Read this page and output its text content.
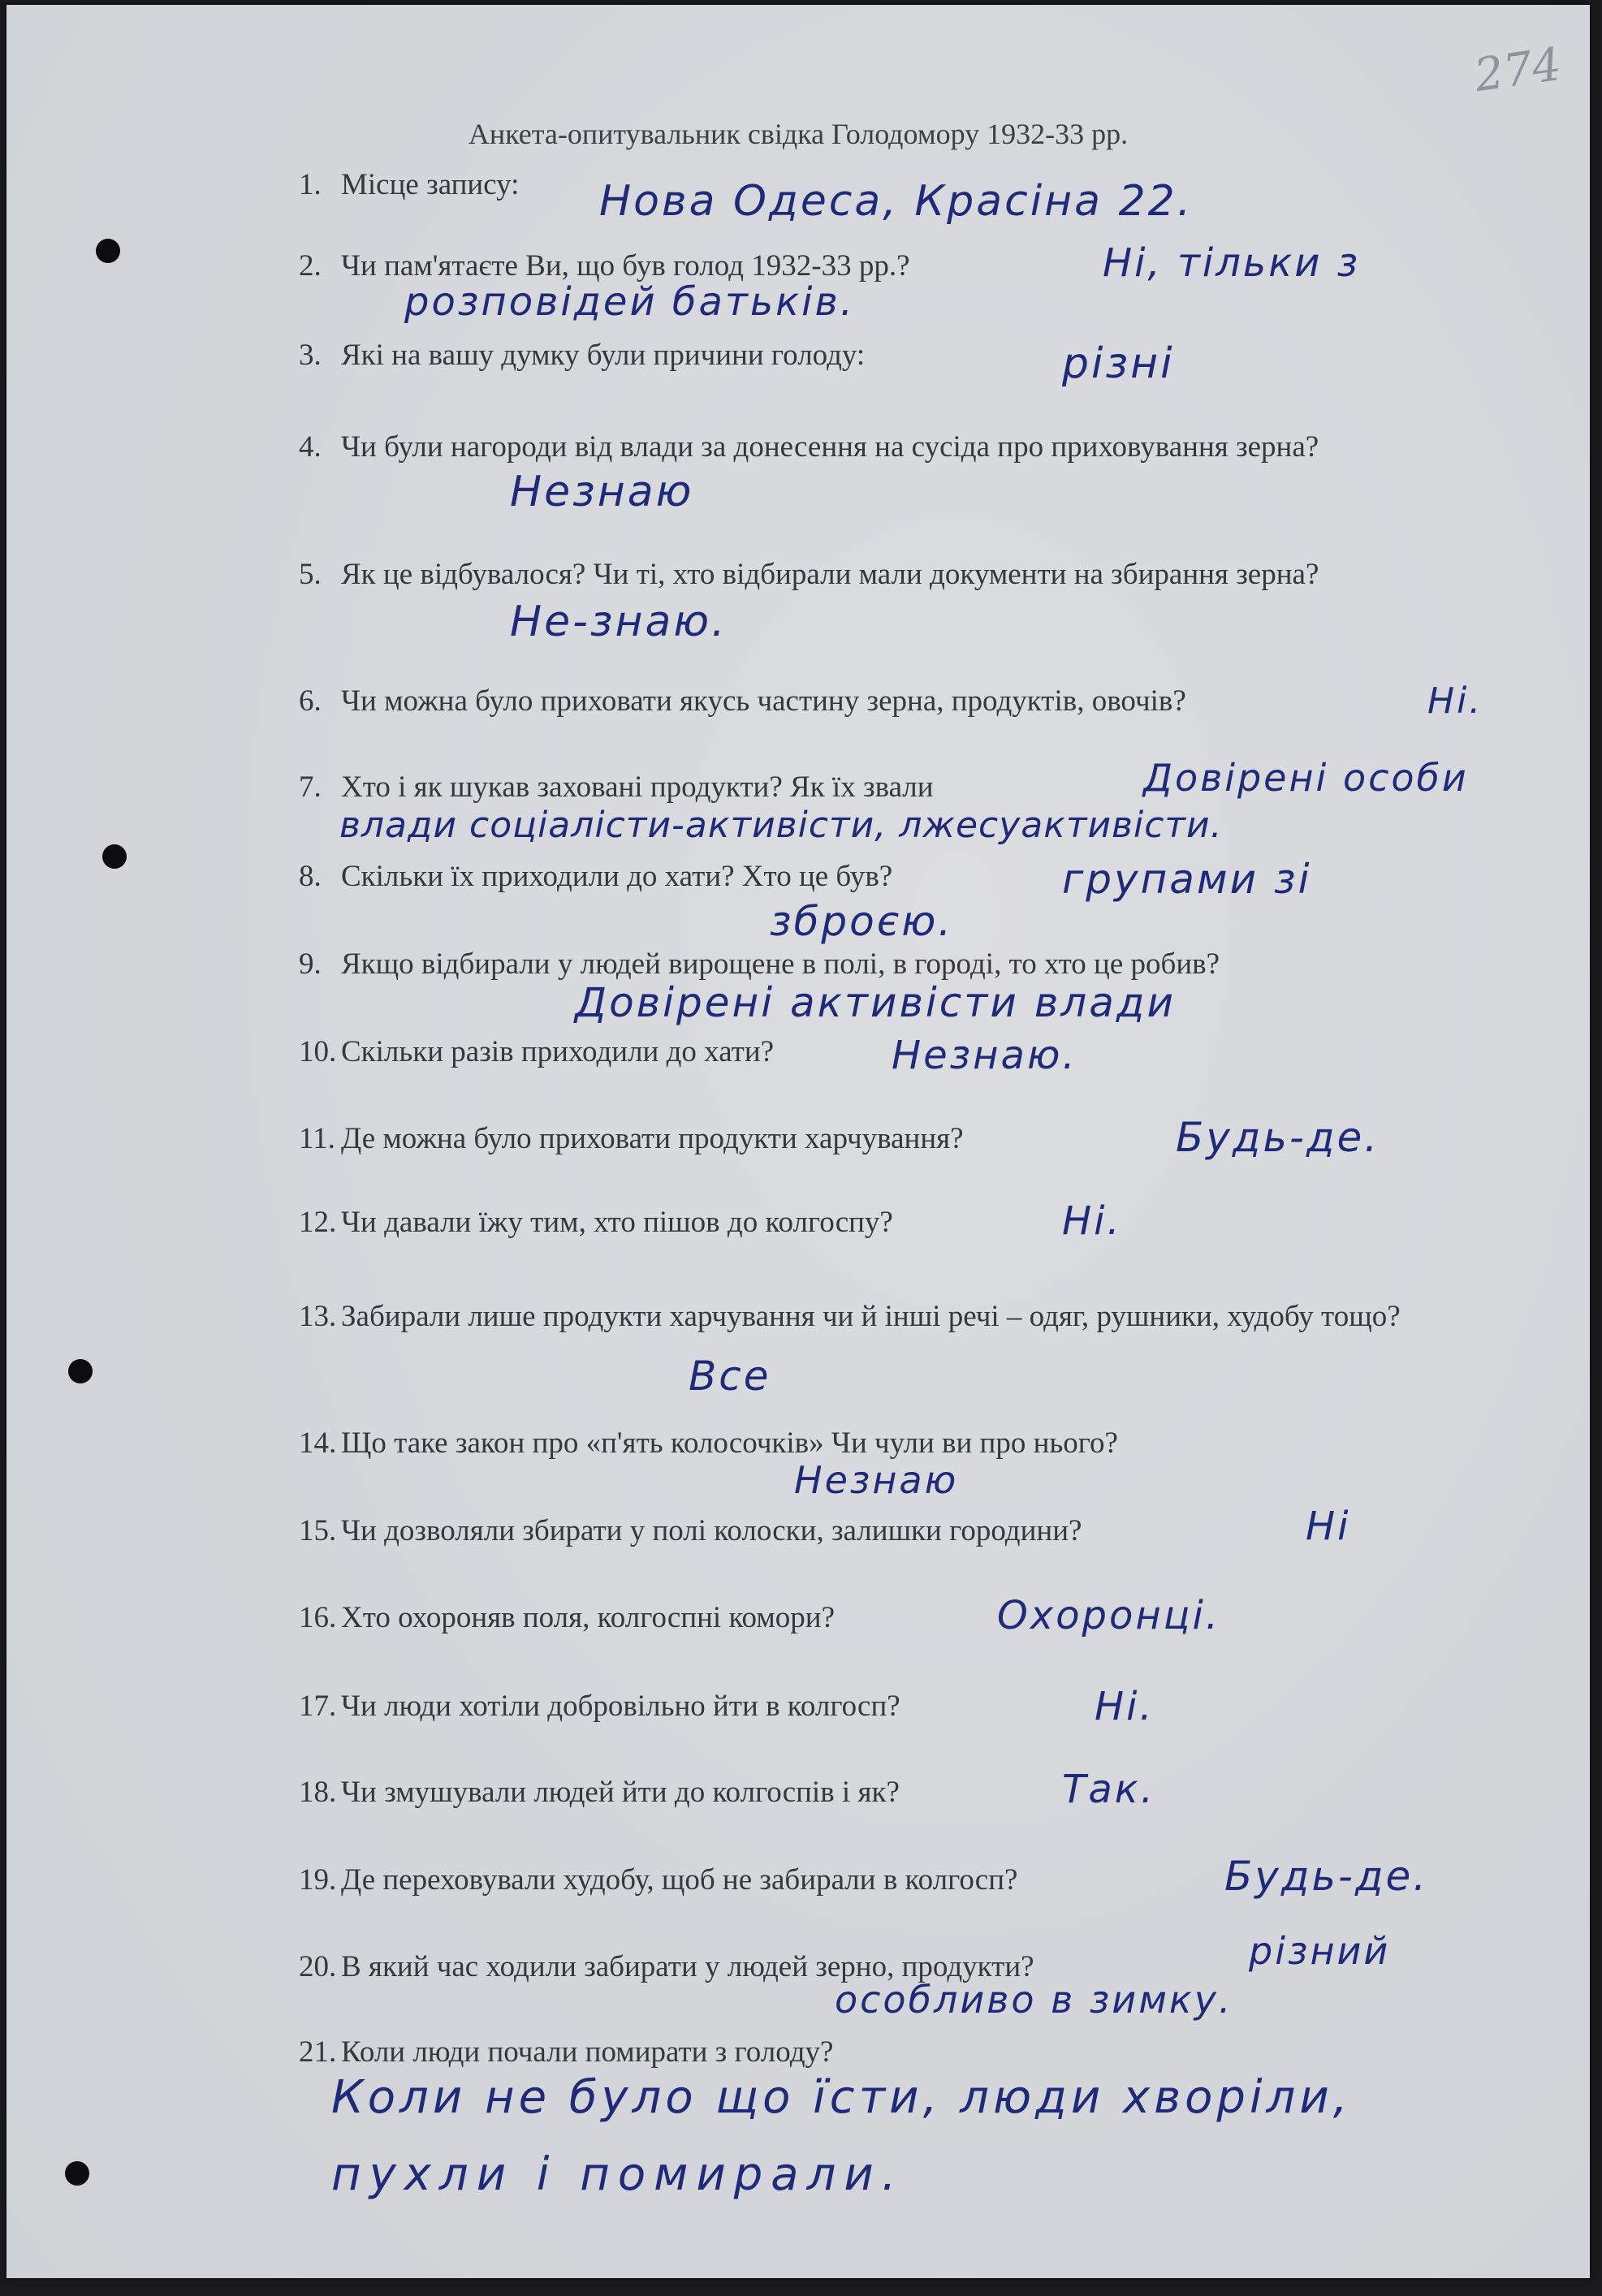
274
Анкета-опитувальник свідка Голодомору 1932-33 рр.
1. Місце запису: Нова Одеса, Красіна 22.
2. Чи пам'ятаєте Ви, що був голод 1932-33 рр.?	Ні, тільки з
розповідей батьків.
3. Які на вашу думку були причини голоду:	різні
4. Чи були нагороди від влади за донесення на сусіда про приховування зерна?
Незнаю
5. Як це відбувалося? Чи ті, хто відбирали мали документи на збирання зерна?
Не-знаю.
6. Чи можна було приховати якусь частину зерна, продуктів, овочів?	Ні.
7. Хто і як шукав заховані продукти? Як їх звали	Довірені особи
влади соціалісти-активісти, лжесуактивісти.
8. Скільки їх приходили до хати? Хто це був?	групами зі
зброєю.
9. Якщо відбирали у людей вирощене в полі, в городі, то хто це робив?
Довірені активісти влади
10. Скільки разів приходили до хати?	Незнаю.
11. Де можна було приховати продукти харчування?	Будь-де.
12. Чи давали їжу тим, хто пішов до колгоспу?	Ні.
13. Забирали лише продукти харчування чи й інші речі – одяг, рушники, худобу тощо?
Все
14. Що таке закон про «п'ять колосочків» Чи чули ви про нього?
Незнаю
15. Чи дозволяли збирати у полі колоски, залишки городини?	Ні
16. Хто охороняв поля, колгоспні комори?	Охоронці.
17. Чи люди хотіли добровільно йти в колгосп?	Ні.
18. Чи змушували людей йти до колгоспів і як?	Так.
19. Де переховували худобу, щоб не забирали в колгосп?	Будь-де.
20. В який час ходили забирати у людей зерно, продукти?	різний
особливо в зимку.
21. Коли люди почали помирати з голоду?
Коли не було що їсти, люди хворіли,
пухли і помирали.
